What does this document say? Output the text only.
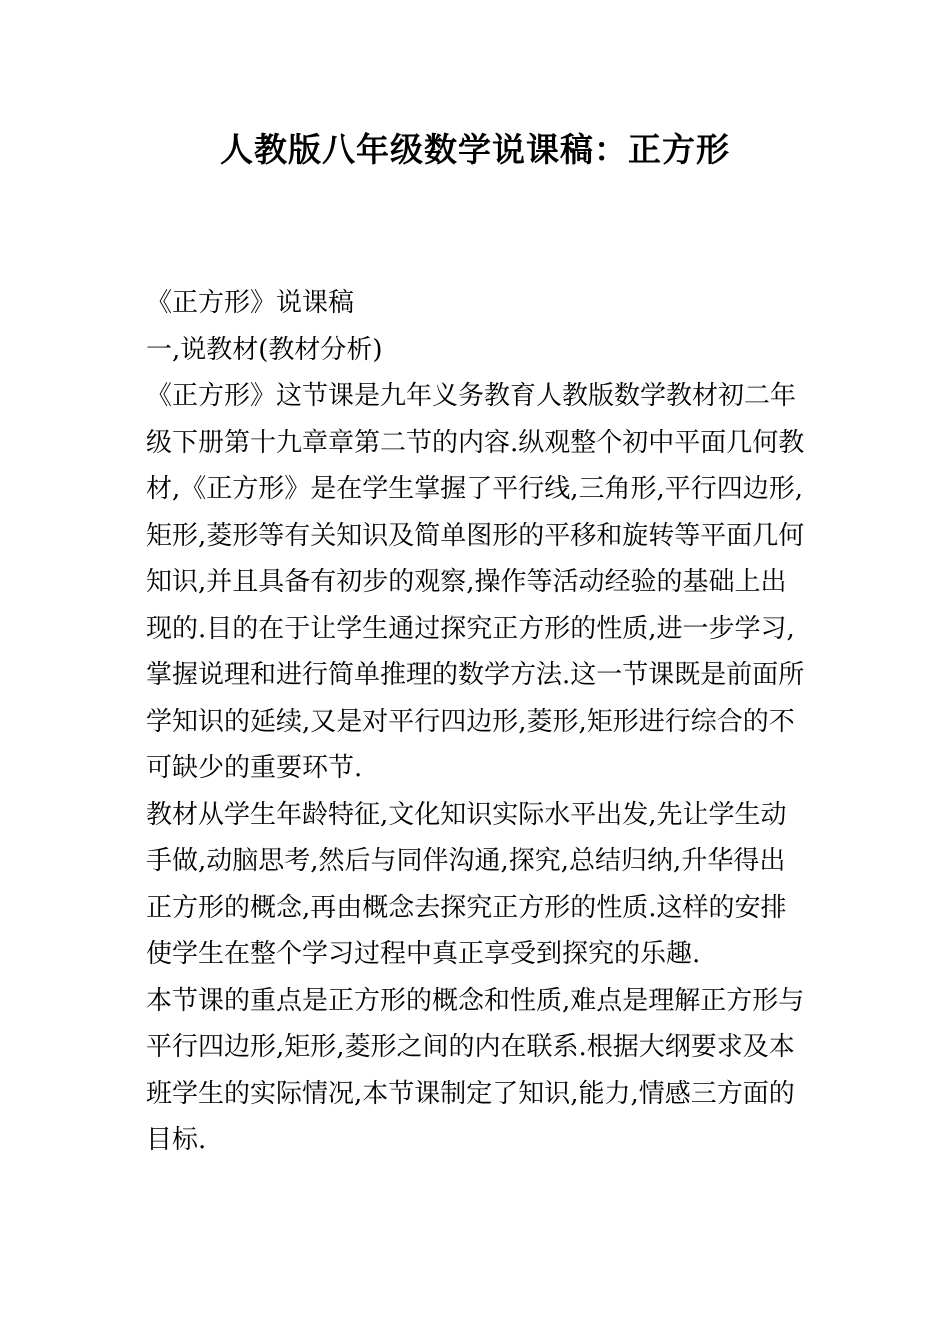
人教版八年级数学说课稿：正方形

《正方形》说课稿

一,说教材(教材分析)

《正方形》这节课是九年义务教育人教版数学教材初二年
级下册第十九章章第二节的内容.纵观整个初中平面几何教
材,《正方形》是在学生掌握了平行线,三角形,平行四边形,
矩形,菱形等有关知识及简单图形的平移和旋转等平面几何
知识,并且具备有初步的观察,操作等活动经验的基础上出
现的.目的在于让学生通过探究正方形的性质,进一步学习,
掌握说理和进行简单推理的数学方法.这一节课既是前面所
学知识的延续,又是对平行四边形,菱形,矩形进行综合的不
可缺少的重要环节.

教材从学生年龄特征,文化知识实际水平出发,先让学生动
手做,动脑思考,然后与同伴沟通,探究,总结归纳,升华得出
正方形的概念,再由概念去探究正方形的性质.这样的安排
使学生在整个学习过程中真正享受到探究的乐趣.

本节课的重点是正方形的概念和性质,难点是理解正方形与
平行四边形,矩形,菱形之间的内在联系.根据大纲要求及本
班学生的实际情况,本节课制定了知识,能力,情感三方面的
目标.
